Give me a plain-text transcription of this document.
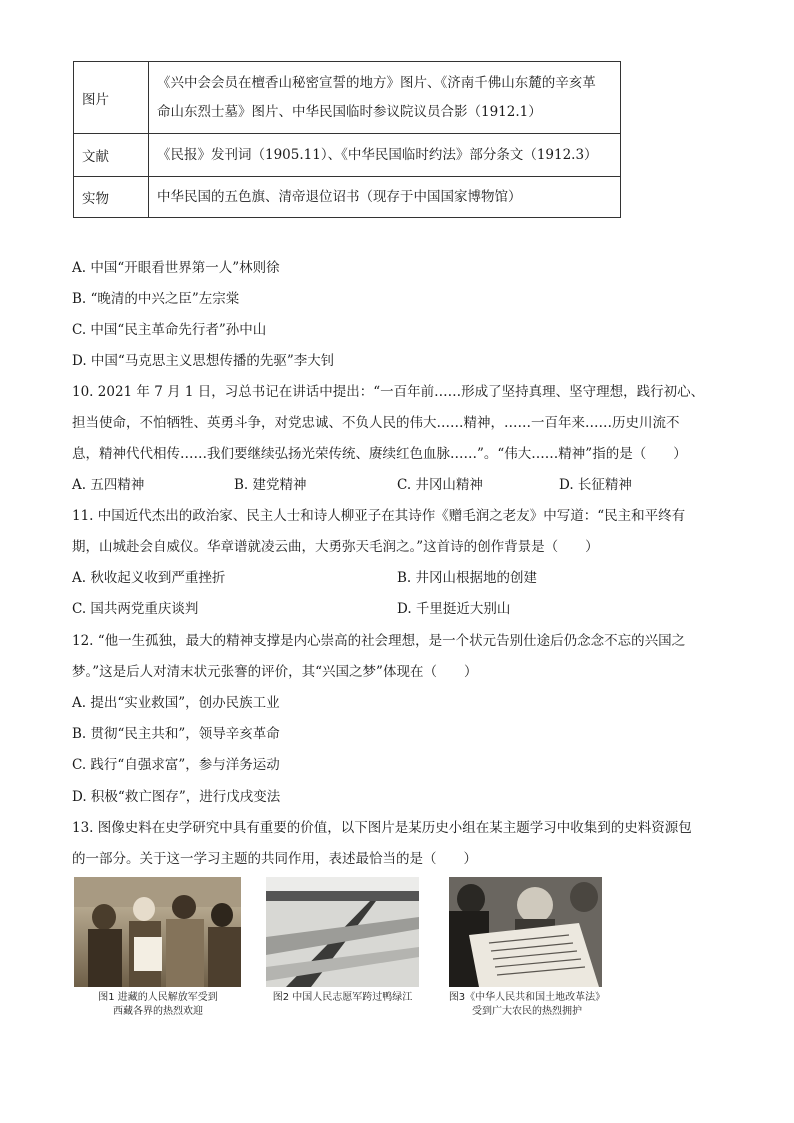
图片	《兴中会会员在檀香山秘密宣誓的地方》图片、《济南千佛山东麓的辛亥革
命山东烈士墓》图片、中华民国临时参议院议员合影（1912.1）

文献	《民报》发刊词（1905.11）、《中华民国临时约法》部分条文（1912.3）

实物	中华民国的五色旗、清帝退位诏书（现存于中国国家博物馆）
A. 中国“开眼看世界第一人”林则徐
B. “晚清的中兴之臣”左宗棠
C. 中国“民主革命先行者”孙中山
D. 中国“马克思主义思想传播的先驱”李大钊
10. 2021 年 7 月 1 日，习总书记在讲话中提出：“一百年前……形成了坚持真理、坚守理想，践行初心、
担当使命，不怕牺牲、英勇斗争，对党忠诚、不负人民的伟大……精神，……一百年来……历史川流不
息，精神代代相传……我们要继续弘扬光荣传统、赓续红色血脉……”。“伟大……精神”指的是（　　）
A. 五四精神	B. 建党精神	C. 井冈山精神	D. 长征精神
11. 中国近代杰出的政治家、民主人士和诗人柳亚子在其诗作《赠毛润之老友》中写道：“民主和平终有
期，山城赴会自威仪。华章谱就凌云曲，大勇弥天毛润之。”这首诗的创作背景是（　　）
A. 秋收起义收到严重挫折	B. 井冈山根据地的创建
C. 国共两党重庆谈判	D. 千里挺近大别山
12. “他一生孤独，最大的精神支撑是内心崇高的社会理想，是一个状元告别仕途后仍念念不忘的兴国之
梦。”这是后人对清末状元张謇的评价，其“兴国之梦”体现在（　　）
A. 提出“实业救国”，创办民族工业
B. 贯彻“民主共和”，领导辛亥革命
C. 践行“自强求富”，参与洋务运动
D. 积极“救亡图存”，进行戊戌变法
13. 图像史料在史学研究中具有重要的价值，以下图片是某历史小组在某主题学习中收集到的史料资源包
的一部分。关于这一学习主题的共同作用，表述最恰当的是（　　）
图1 进藏的人民解放军受到
西藏各界的热烈欢迎
图2 中国人民志愿军跨过鸭绿江	图3《中华人民共和国土地改革法》
受到广大农民的热烈拥护
